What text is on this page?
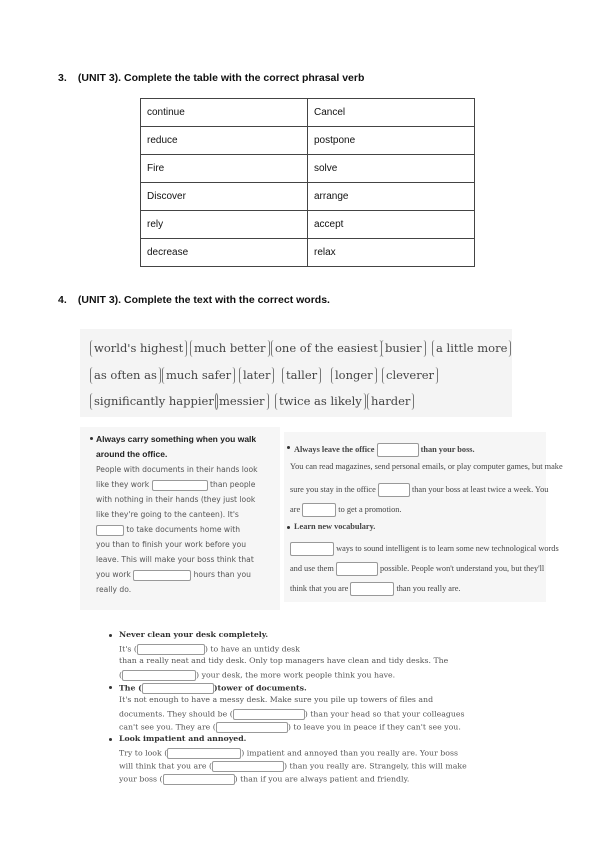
3. (UNIT 3). Complete the table with the correct phrasal verb
continue	Cancel
reduce	postpone
Fire	solve
Discover	arrange
rely	accept
decrease	relax
4. (UNIT 3). Complete the text with the correct words.
world's highest much better one of the easiest busier	a little more
as often as much safer	later	taller	longer	cleverer
significantly happier messier	twice as likely harder
Always carry something when you walk around the office.
People with documents in their hands look
like they work	than people
with nothing in their hands (they just look
like they're going to the canteen). It's
to take documents home with
you than to finish your work before you
leave. This will make your boss think that
you work	hours than you
really do.
Always leave the office	than your boss.
You can read magazines, send personal emails, or play computer games, but make
sure you stay in the office	than your boss at least twice a week. You
are	to get a promotion.
Learn new vocabulary.
ways to sound intelligent is to learn some new technological words
and use them	possible. People won't understand you, but they'll
think that you are	than you really are.
Never clean your desk completely.
It's (	) to have an untidy desk
than a really neat and tidy desk. Only top managers have clean and tidy desks. The
(	) your desk, the more work people think you have.
The (	)tower of documents.
It's not enough to have a messy desk. Make sure you pile up towers of files and
documents. They should be (	) than your head so that your colleagues
can't see you. They are (	) to leave you in peace if they can't see you.
Look impatient and annoyed.
Try to look (	) impatient and annoyed than you really are. Your boss
will think that you are (	) than you really are. Strangely, this will make
your boss (	) than if you are always patient and friendly.
